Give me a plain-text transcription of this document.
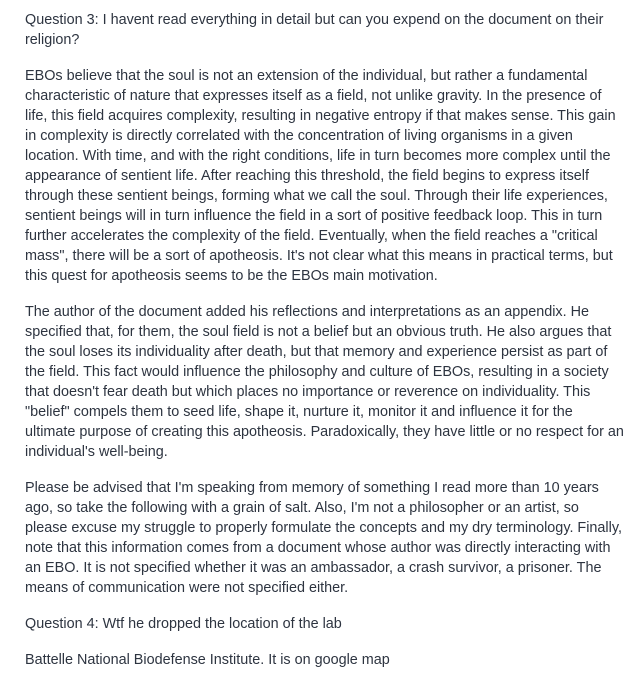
Question 3: I havent read everything in detail but can you expend on the document on their religion?

EBOs believe that the soul is not an extension of the individual, but rather a fundamental characteristic of nature that expresses itself as a field, not unlike gravity. In the presence of life, this field acquires complexity, resulting in negative entropy if that makes sense. This gain in complexity is directly correlated with the concentration of living organisms in a given location. With time, and with the right conditions, life in turn becomes more complex until the appearance of sentient life. After reaching this threshold, the field begins to express itself through these sentient beings, forming what we call the soul. Through their life experiences, sentient beings will in turn influence the field in a sort of positive feedback loop. This in turn further accelerates the complexity of the field. Eventually, when the field reaches a "critical mass", there will be a sort of apotheosis. It's not clear what this means in practical terms, but this quest for apotheosis seems to be the EBOs main motivation.

The author of the document added his reflections and interpretations as an appendix. He specified that, for them, the soul field is not a belief but an obvious truth. He also argues that the soul loses its individuality after death, but that memory and experience persist as part of the field. This fact would influence the philosophy and culture of EBOs, resulting in a society that doesn't fear death but which places no importance or reverence on individuality. This "belief" compels them to seed life, shape it, nurture it, monitor it and influence it for the ultimate purpose of creating this apotheosis. Paradoxically, they have little or no respect for an individual's well-being.

Please be advised that I'm speaking from memory of something I read more than 10 years ago, so take the following with a grain of salt. Also, I'm not a philosopher or an artist, so please excuse my struggle to properly formulate the concepts and my dry terminology. Finally, note that this information comes from a document whose author was directly interacting with an EBO. It is not specified whether it was an ambassador, a crash survivor, a prisoner. The means of communication were not specified either.

Question 4: Wtf he dropped the location of the lab

Battelle National Biodefense Institute. It is on google map
